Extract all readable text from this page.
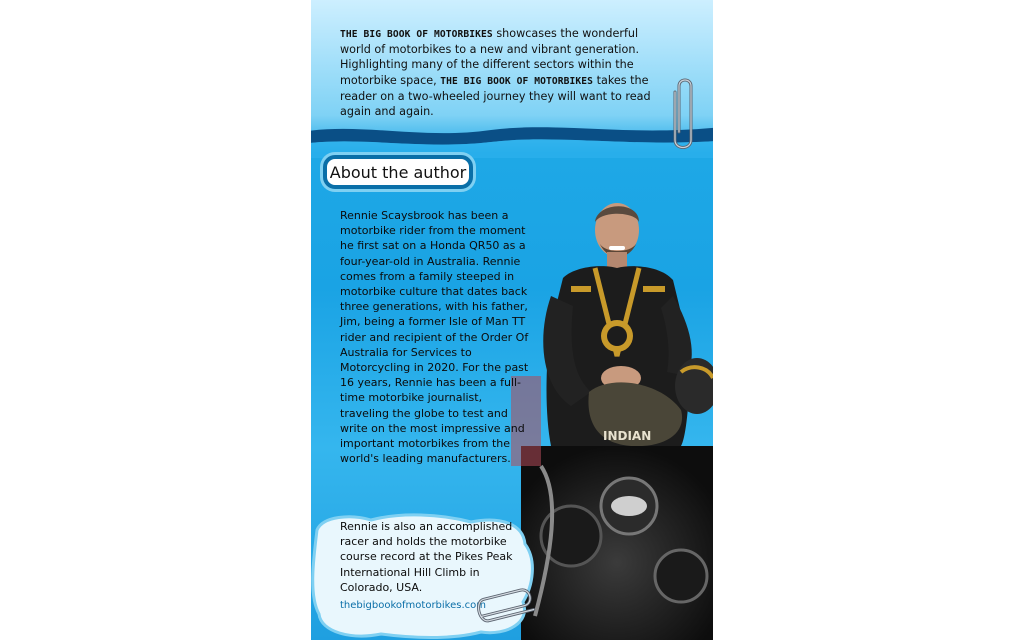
THE BIG BOOK OF MOTORBIKES showcases the wonderful world of motorbikes to a new and vibrant generation.
Highlighting many of the different sectors within the motorbike space, THE BIG BOOK OF MOTORBIKES takes the reader on a two-wheeled journey they will want to read again and again.
About the author
INDIAN

Rennie Scaysbrook has been a motorbike rider from the moment he first sat on a Honda QR50 as a four-year-old in Australia. Rennie comes from a family steeped in motorbike culture that dates back three generations, with his father, Jim, being a former Isle of Man TT rider and recipient of the Order Of Australia for Services to Motorcycling in 2020. For the past 16 years, Rennie has been a full-time motorbike journalist, traveling the globe to test and write on the most impressive and important motorbikes from the world's leading manufacturers.

Rennie is also an accomplished racer and holds the motorbike course record at the Pikes Peak International Hill Climb in Colorado, USA.
thebigbookofmotorbikes.com
